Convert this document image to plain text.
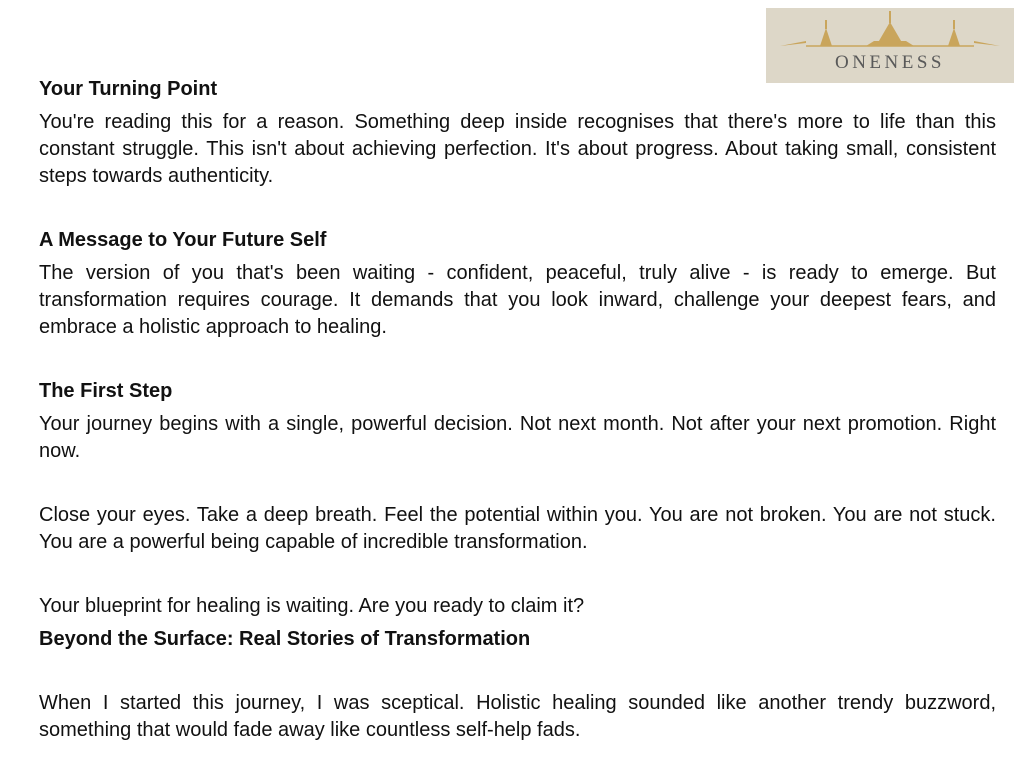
ONENESS

Your Turning Point

You're reading this for a reason. Something deep inside recognises that there's more to life than this constant struggle. This isn't about achieving perfection. It's about progress. About taking small, consistent steps towards authenticity.

A Message to Your Future Self

The version of you that's been waiting - confident, peaceful, truly alive - is ready to emerge. But transformation requires courage. It demands that you look inward, challenge your deepest fears, and embrace a holistic approach to healing.

The First Step

Your journey begins with a single, powerful decision. Not next month. Not after your next promotion. Right now.

Close your eyes. Take a deep breath. Feel the potential within you. You are not broken. You are not stuck. You are a powerful being capable of incredible transformation.

Your blueprint for healing is waiting. Are you ready to claim it?

Beyond the Surface: Real Stories of Transformation

When I started this journey, I was sceptical. Holistic healing sounded like another trendy buzzword, something that would fade away like countless self-help fads.
